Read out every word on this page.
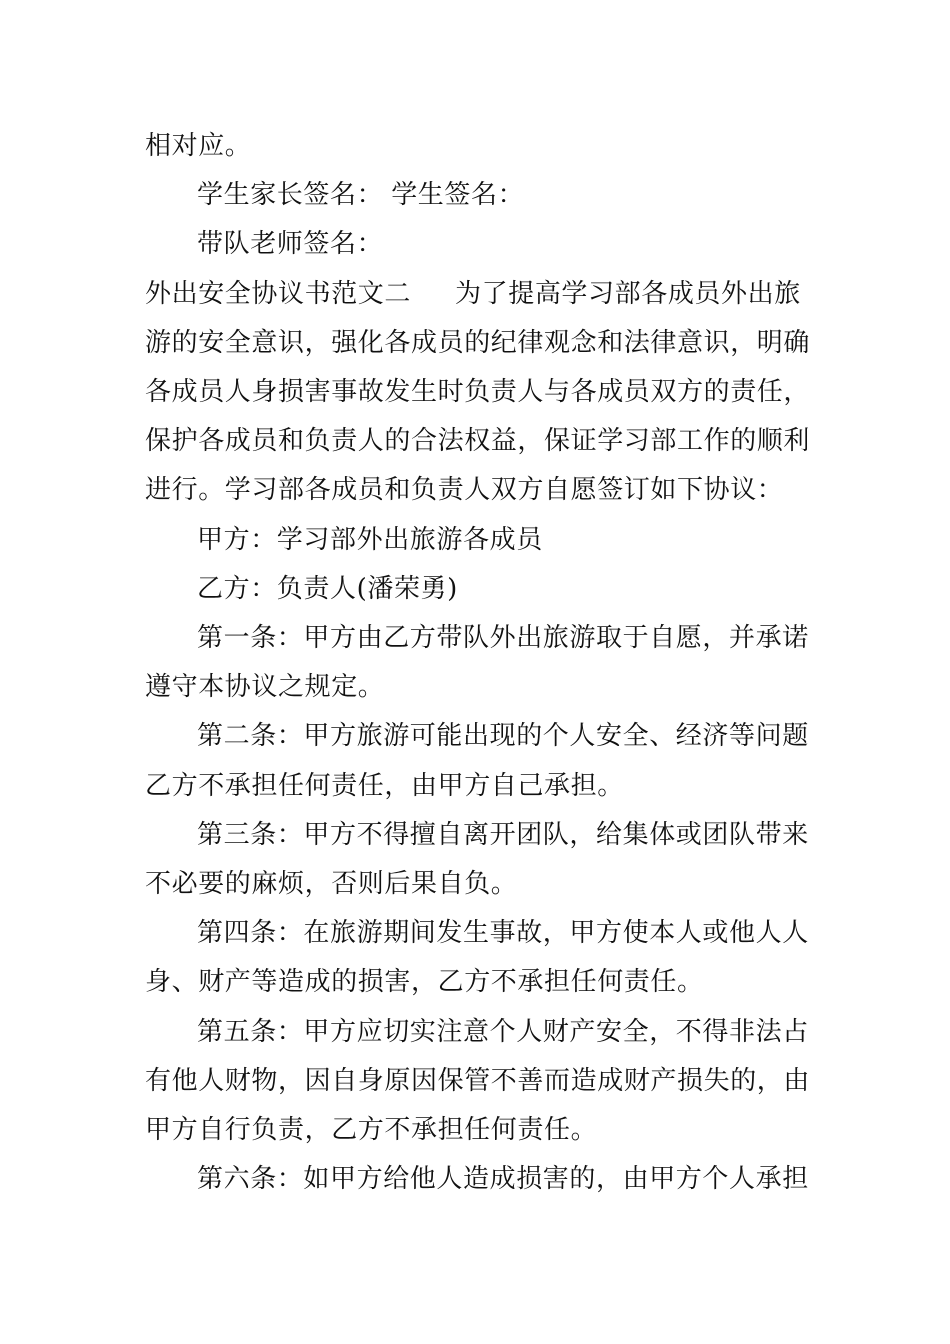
相对应。
学生家长签名： 学生签名：
带队老师签名：
外出安全协议书范文二 为了提高学习部各成员外出旅
游的安全意识，强化各成员的纪律观念和法律意识，明确
各成员人身损害事故发生时负责人与各成员双方的责任，
保护各成员和负责人的合法权益，保证学习部工作的顺利
进行。学习部各成员和负责人双方自愿签订如下协议：
甲方：学习部外出旅游各成员
乙方：负责人(潘荣勇)
第一条：甲方由乙方带队外出旅游取于自愿，并承诺
遵守本协议之规定。
第二条：甲方旅游可能出现的个人安全、经济等问题
乙方不承担任何责任，由甲方自己承担。
第三条：甲方不得擅自离开团队，给集体或团队带来
不必要的麻烦，否则后果自负。
第四条：在旅游期间发生事故，甲方使本人或他人人
身、财产等造成的损害，乙方不承担任何责任。
第五条：甲方应切实注意个人财产安全，不得非法占
有他人财物，因自身原因保管不善而造成财产损失的，由
甲方自行负责，乙方不承担任何责任。
第六条：如甲方给他人造成损害的，由甲方个人承担
